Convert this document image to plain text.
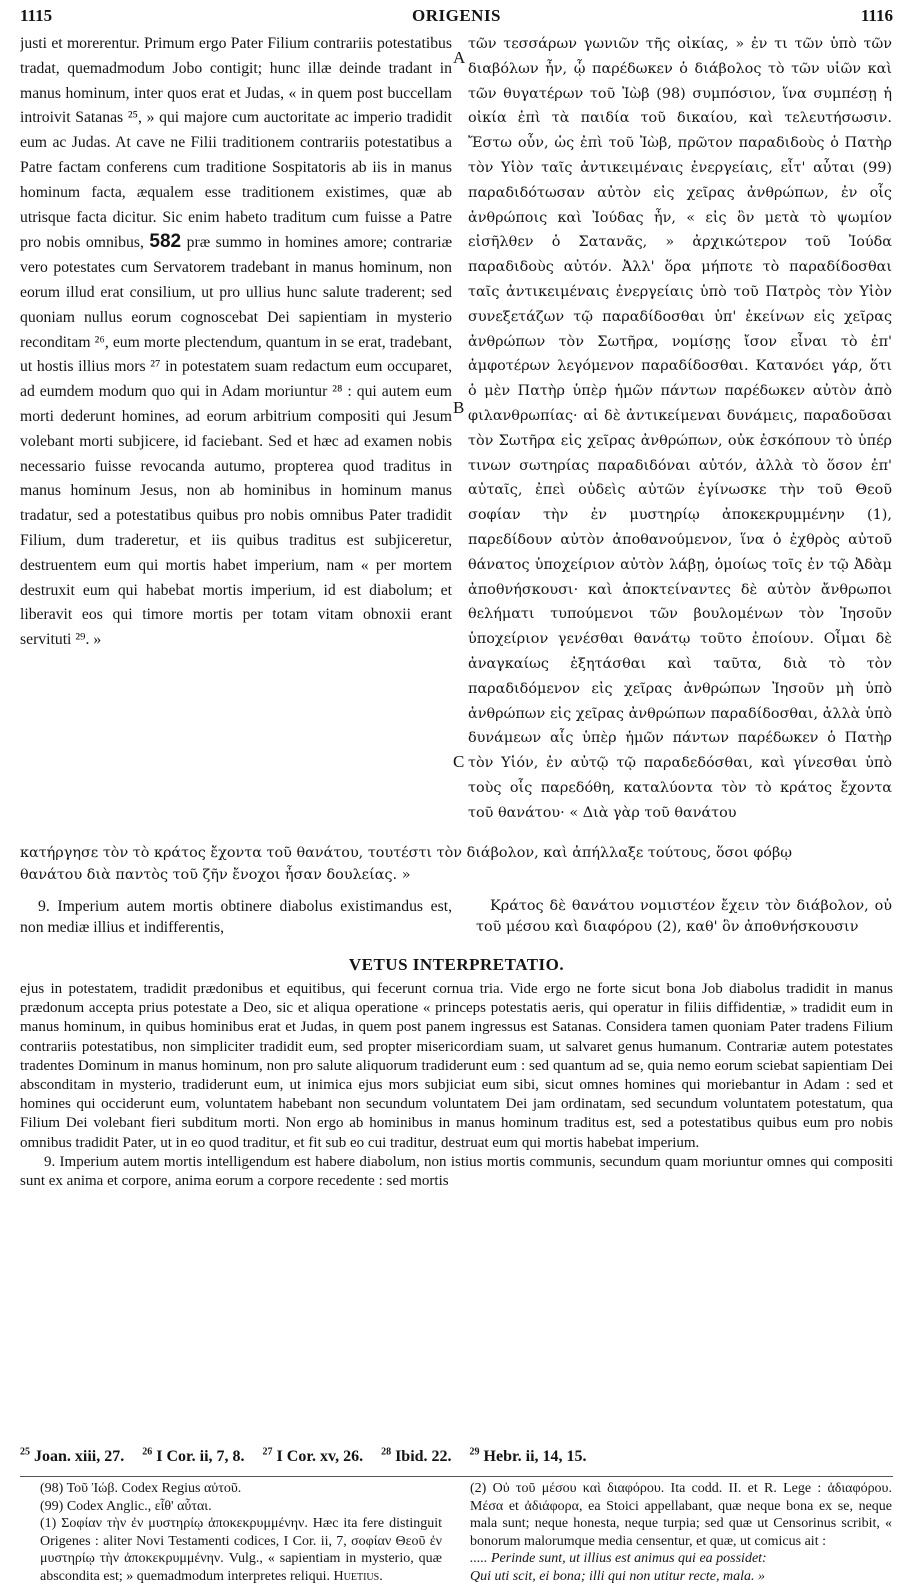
1115	ORIGENIS	1116
justi et morerentur. Primum ergo Pater Filium contrariis potestatibus tradat, quemadmodum Jobo contigit; hunc illæ deinde tradant in manus hominum, inter quos erat et Judas, « in quem post buccellam introivit Satanas ²⁵, » qui majore cum auctoritate ac imperio tradidit eum ac Judas. At cave ne Filii traditionem contrariis potestatibus a Patre factam conferens cum traditione Sospitatoris ab iis in manus hominum facta, æqualem esse traditionem existimes, quæ ab utrisque facta dicitur. Sic enim habeto traditum cum fuisse a Patre pro nobis omnibus, 582 præ summo in homines amore; contrariæ vero potestates cum Servatorem tradebant in manus hominum, non eorum illud erat consilium, ut pro ullius hunc salute traderent; sed quoniam nullus eorum cognoscebat Dei sapientiam in mysterio reconditam ²⁶, eum morte plectendum, quantum in se erat, tradebant, ut hostis illius mors ²⁷ in potestatem suam redactum eum occuparet, ad eumdem modum quo qui in Adam moriuntur ²⁸ : qui autem eum morti dederunt homines, ad eorum arbitrium compositi qui Jesum volebant morti subjicere, id faciebant. Sed et hæc ad examen nobis necessario fuisse revocanda autumo, propterea quod traditus in manus hominum Jesus, non ab hominibus in hominum manus tradatur, sed a potestatibus quibus pro nobis omnibus Pater tradidit Filium, dum traderetur, et iis quibus traditus est subjiceretur, destruentem eum qui mortis habet imperium, nam « per mortem destruxit eum qui habebat mortis imperium, id est diabolum; et liberavit eos qui timore mortis per totam vitam obnoxii erant servituti ²⁹. »
A
B
C
τῶν τεσσάρων γωνιῶν τῆς οἰκίας, » ἐν τι τῶν ὑπὸ τῶν διαβόλων ἦν, ᾧ παρέδωκεν ὁ διάβολος τὸ τῶν υἱῶν καὶ τῶν θυγατέρων τοῦ Ἰὼβ (98) συμπόσιον, ἵνα συμπέσῃ ἡ οἰκία ἐπὶ τὰ παιδία τοῦ δικαίου, καὶ τελευτήσωσιν. Ἔστω οὖν, ὡς ἐπὶ τοῦ Ἰὼβ, πρῶτον παραδιδοὺς ὁ Πατὴρ τὸν Υἱὸν ταῖς ἀντικειμέναις ἐνεργείαις, εἶτ' αὗται (99) παραδιδότωσαν αὐτὸν εἰς χεῖρας ἀνθρώπων, ἐν οἷς ἀνθρώποις καὶ Ἰούδας ἦν, « εἰς ὃν μετὰ τὸ ψωμίον εἰσῆλθεν ὁ Σατανᾶς, » ἀρχικώτερον τοῦ Ἰούδα παραδιδοὺς αὐτόν. Ἀλλ' ὅρα μήποτε τὸ παραδίδοσθαι ταῖς ἀντικειμέναις ἐνεργείαις ὑπὸ τοῦ Πατρὸς τὸν Υἱὸν συνεξετάζων τῷ παραδίδοσθαι ὑπ' ἐκείνων εἰς χεῖρας ἀνθρώπων τὸν Σωτῆρα, νομίσῃς ἴσον εἶναι τὸ ἐπ' ἀμφοτέρων λεγόμενον παραδίδοσθαι. Κατανόει γάρ, ὅτι ὁ μὲν Πατὴρ ὑπὲρ ἡμῶν πάντων παρέδωκεν αὐτὸν ἀπὸ φιλανθρωπίας· αἱ δὲ ἀντικείμεναι δυνάμεις, παραδοῦσαι τὸν Σωτῆρα εἰς χεῖρας ἀνθρώπων, οὐκ ἐσκόπουν τὸ ὑπέρ τινων σωτηρίας παραδιδόναι αὐτόν, ἀλλὰ τὸ ὅσον ἐπ' αὐταῖς, ἐπεὶ οὐδεὶς αὐτῶν ἐγίνωσκε τὴν τοῦ Θεοῦ σοφίαν τὴν ἐν μυστηρίῳ ἀποκεκρυμμένην (1), παρεδίδουν αὐτὸν ἀποθανούμενον, ἵνα ὁ ἐχθρὸς αὐτοῦ θάνατος ὑποχείριον αὐτὸν λάβῃ, ὁμοίως τοῖς ἐν τῷ Ἀδὰμ ἀποθνήσκουσι· καὶ ἀποκτείναντες δὲ αὐτὸν ἄνθρωποι θελήματι τυπούμενοι τῶν βουλομένων τὸν Ἰησοῦν ὑποχείριον γενέσθαι θανάτῳ τοῦτο ἐποίουν. Οἶμαι δὲ ἀναγκαίως ἐξητάσθαι καὶ ταῦτα, διὰ τὸ τὸν παραδιδόμενον εἰς χεῖρας ἀνθρώπων Ἰησοῦν μὴ ὑπὸ ἀνθρώπων εἰς χεῖρας ἀνθρώπων παραδίδοσθαι, ἀλλὰ ὑπὸ δυνάμεων αἷς ὑπὲρ ἡμῶν πάντων παρέδωκεν ὁ Πατὴρ τὸν Υἱόν, ἐν αὐτῷ τῷ παραδεδόσθαι, καὶ γίνεσθαι ὑπὸ τοὺς οἷς παρεδόθη, καταλύοντα τὸν τὸ κράτος ἔχοντα τοῦ θανάτου· « Διὰ γὰρ τοῦ θανάτου
κατήργησε τὸν τὸ κράτος ἔχοντα τοῦ θανάτου, τουτέστι τὸν διάβολον, καὶ ἀπήλλαξε τούτους, ὅσοι φόβῳ
θανάτου διὰ παντὸς τοῦ ζῆν ἔνοχοι ἦσαν δουλείας. »
9. Imperium autem mortis obtinere diabolus existimandus est, non mediæ illius et indifferentis,
Κράτος δὲ θανάτου νομιστέον ἔχειν τὸν διάβολον, οὐ τοῦ μέσου καὶ διαφόρου (2), καθ' ὃν ἀποθνήσκουσιν
VETUS INTERPRETATIO.

ejus in potestatem, tradidit prædonibus et equitibus, qui fecerunt cornua tria. Vide ergo ne forte sicut bona Job diabolus tradidit in manus prædonum accepta prius potestate a Deo, sic et aliqua operatione « princeps potestatis aeris, qui operatur in filiis diffidentiæ, » tradidit eum in manus hominum, in quibus hominibus erat et Judas, in quem post panem ingressus est Satanas. Considera tamen quoniam Pater tradens Filium contrariis potestatibus, non simpliciter tradidit eum, sed propter misericordiam suam, ut salvaret genus humanum. Contrariæ autem potestates tradentes Dominum in manus hominum, non pro salute aliquorum tradiderunt eum : sed quantum ad se, quia nemo eorum sciebat sapientiam Dei absconditam in mysterio, tradiderunt eum, ut inimica ejus mors subjiciat eum sibi, sicut omnes homines qui moriebantur in Adam : sed et homines qui occiderunt eum, voluntatem habebant non secundum voluntatem Dei jam ordinatam, sed secundum voluntatem potestatum, qua Filium Dei volebant fieri subditum morti. Non ergo ab hominibus in manus hominum traditus est, sed a potestatibus quibus eum pro nobis omnibus tradidit Pater, ut in eo quod traditur, et fit sub eo cui traditur, destruat eum qui mortis habebat imperium.

9. Imperium autem mortis intelligendum est habere diabolum, non istius mortis communis, secundum quam moriuntur omnes qui compositi sunt ex anima et corpore, anima eorum a corpore recedente : sed mortis

$^{25}$ Joan. xiii, 27. $^{26}$ I Cor. ii, 7, 8. $^{27}$ I Cor. xv, 26. $^{28}$ Ibid. 22. $^{29}$ Hebr. ii, 14, 15.

(98) Τοῦ Ἰώβ. Codex Regius αὐτοῦ.

(99) Codex Anglic., εἶθ' αὗται.

(1) Σοφίαν τὴν ἐν μυστηρίῳ ἀποκεκρυμμένην. Hæc ita fere distinguit Origenes : aliter Novi Testamenti codices, I Cor. ii, 7, σοφίαν Θεοῦ ἐν μυστηρίῳ τὴν ἀποκεκρυμμένην. Vulg., « sapientiam in mysterio, quæ abscondita est; » quemadmodum interpretes reliqui. Huetius.

(2) Οὐ τοῦ μέσου καὶ διαφόρου. Ita codd. II. et R. Lege : ἀδιαφόρου. Μέσα et ἀδιάφορα, ea Stoici appellabant, quæ neque bona ex se, neque mala sunt; neque honesta, neque turpia; sed quæ ut Censorinus scribit, « bonorum malorumque media censentur, et quæ, ut comicus ait :

..... Perinde sunt, ut illius est animus qui ea possidet:

Qui uti scit, ei bona; illi qui non utitur recte, mala. »
